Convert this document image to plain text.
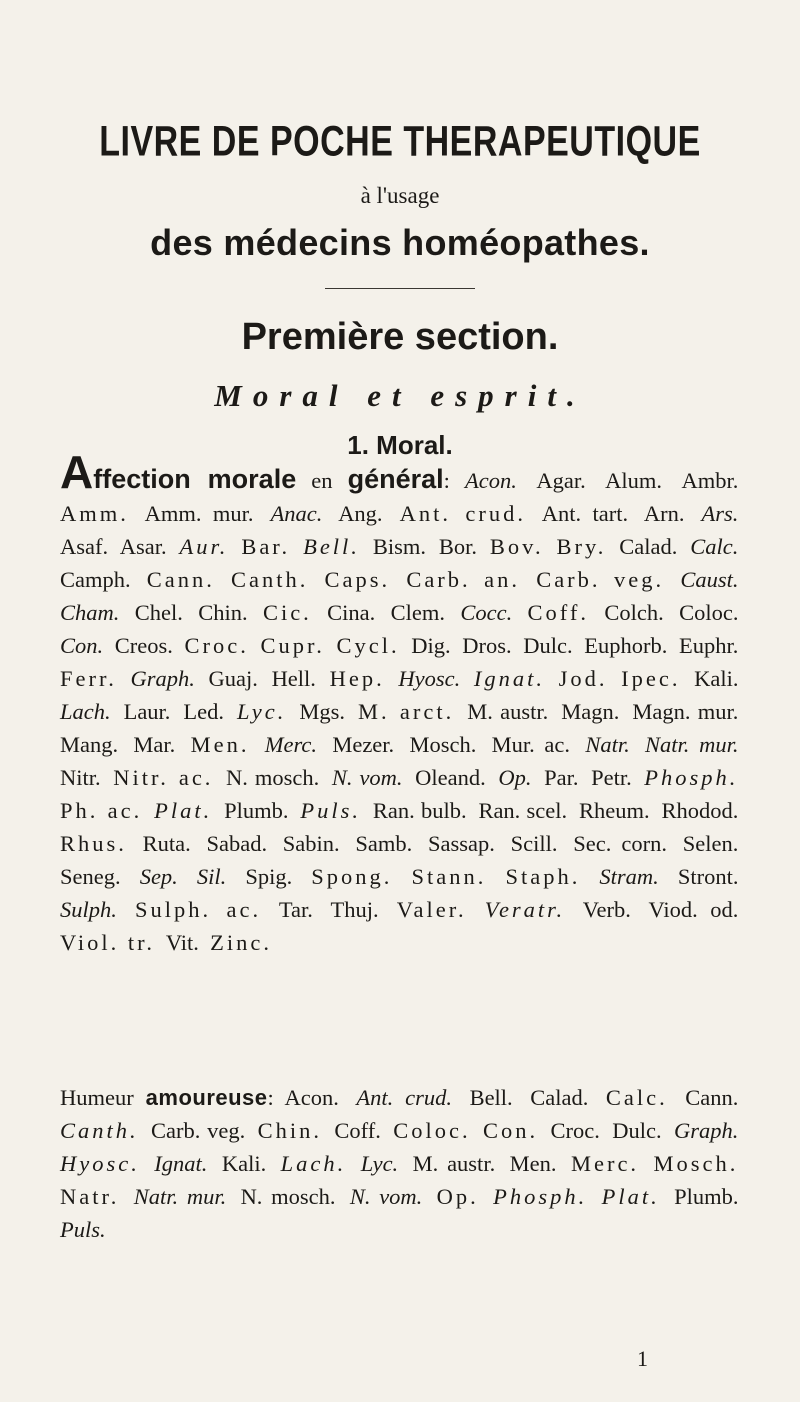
LIVRE DE POCHE THERAPEUTIQUE
à l'usage
des médecins homéopathes.
Première section.
Moral et esprit.
1. Moral.
Affection morale en général: Acon. Agar. Alum. Ambr. Amm. Amm. mur. Anac. Ang. Ant. crud. Ant. tart. Arn. Ars. Asaf. Asar. Aur. Bar. Bell. Bism. Bor. Bov. Bry. Calad. Calc. Camph. Cann. Canth. Caps. Carb. an. Carb. veg. Caust. Cham. Chel. Chin. Cic. Cina. Clem. Cocc. Coff. Colch. Coloc. Con. Creos. Croc. Cupr. Cycl. Dig. Dros. Dulc. Euphorb. Euphr. Ferr. Graph. Guaj. Hell. Hep. Hyosc. Ignat. Jod. Ipec. Kali. Lach. Laur. Led. Lyc. Mgs. M. arct. M. austr. Magn. Magn. mur. Mang. Mar. Men. Merc. Mezer. Mosch. Mur. ac. Natr. Natr. mur. Nitr. Nitr. ac. N. mosch. N. vom. Oleand. Op. Par. Petr. Phosph. Ph. ac. Plat. Plumb. Puls. Ran. bulb. Ran. scel. Rheum. Rhodod. Rhus. Ruta. Sabad. Sabin. Samb. Sassap. Scill. Sec. corn. Selen. Seneg. Sep. Sil. Spig. Spong. Stann. Staph. Stram. Stront. Sulph. Sulph. ac. Tar. Thuj. Valer. Veratr. Verb. Viod. od. Viol. tr. Vit. Zinc.
Humeur amoureuse: Acon. Ant. crud. Bell. Calad. Calc. Cann. Canth. Carb. veg. Chin. Coff. Coloc. Con. Croc. Dulc. Graph. Hyosc. Ignat. Kali. Lach. Lyc. M. austr. Men. Merc. Mosch. Natr. Natr. mur. N. mosch. N. vom. Op. Phosph. Plat. Plumb. Puls.
1
